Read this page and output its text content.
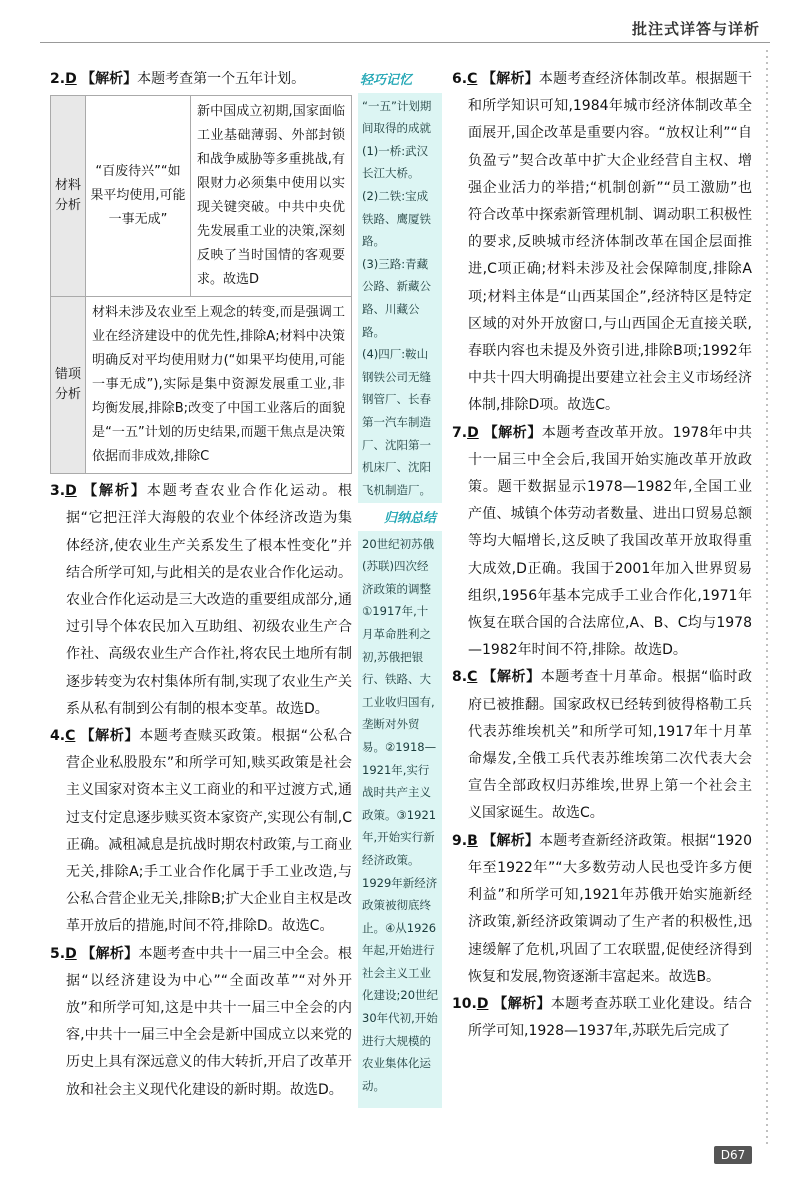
批注式详答与详析

2.D 【解析】本题考查第一个五年计划。

材料分析	“百废待兴”“如果平均使用,可能一事无成”	新中国成立初期,国家面临工业基础薄弱、外部封锁和战争威胁等多重挑战,有限财力必须集中使用以实现关键突破。中共中央优先发展重工业的决策,深刻反映了当时国情的客观要求。故选D
错项分析	材料未涉及农业至上观念的转变,而是强调工业在经济建设中的优先性,排除A;材料中决策明确反对平均使用财力(“如果平均使用,可能一事无成”),实际是集中资源发展重工业,非均衡发展,排除B;改变了中国工业落后的面貌是“一五”计划的历史结果,而题干焦点是决策依据而非成效,排除C	

3.D 【解析】本题考查农业合作化运动。根据“它把汪洋大海般的农业个体经济改造为集体经济,使农业生产关系发生了根本性变化”并结合所学可知,与此相关的是农业合作化运动。农业合作化运动是三大改造的重要组成部分,通过引导个体农民加入互助组、初级农业生产合作社、高级农业生产合作社,将农民土地所有制逐步转变为农村集体所有制,实现了农业生产关系从私有制到公有制的根本变革。故选D。

4.C 【解析】本题考查赎买政策。根据“公私合营企业私股股东”和所学可知,赎买政策是社会主义国家对资本主义工商业的和平过渡方式,通过支付定息逐步赎买资本家资产,实现公有制,C正确。减租减息是抗战时期农村政策,与工商业无关,排除A;手工业合作化属于手工业改造,与公私合营企业无关,排除B;扩大企业自主权是改革开放后的措施,时间不符,排除D。故选C。

5.D 【解析】本题考查中共十一届三中全会。根据“以经济建设为中心”“全面改革”“对外开放”和所学可知,这是中共十一届三中全会的内容,中共十一届三中全会是新中国成立以来党的历史上具有深远意义的伟大转折,开启了改革开放和社会主义现代化建设的新时期。故选D。

轻巧记忆

“一五”计划期间取得的成就

(1)一桥:武汉长江大桥。

(2)二铁:宝成铁路、鹰厦铁路。

(3)三路:青藏公路、新藏公路、川藏公路。

(4)四厂:鞍山钢铁公司无缝钢管厂、长春第一汽车制造厂、沈阳第一机床厂、沈阳飞机制造厂。

归纳总结
20世纪初苏俄(苏联)四次经济政策的调整 ①1917年,十月革命胜利之初,苏俄把银行、铁路、大工业收归国有,垄断对外贸易。②1918—1921年,实行战时共产主义政策。③1921年,开始实行新经济政策。1929年新经济政策被彻底终止。④从1926年起,开始进行社会主义工业化建设;20世纪30年代初,开始进行大规模的农业集体化运动。

6.C 【解析】本题考查经济体制改革。根据题干和所学知识可知,1984年城市经济体制改革全面展开,国企改革是重要内容。“放权让利”“自负盈亏”契合改革中扩大企业经营自主权、增强企业活力的举措;“机制创新”“员工激励”也符合改革中探索新管理机制、调动职工积极性的要求,反映城市经济体制改革在国企层面推进,C项正确;材料未涉及社会保障制度,排除A项;材料主体是“山西某国企”,经济特区是特定区域的对外开放窗口,与山西国企无直接关联,春联内容也未提及外资引进,排除B项;1992年中共十四大明确提出要建立社会主义市场经济体制,排除D项。故选C。

7.D 【解析】本题考查改革开放。1978年中共十一届三中全会后,我国开始实施改革开放政策。题干数据显示1978—1982年,全国工业产值、城镇个体劳动者数量、进出口贸易总额等均大幅增长,这反映了我国改革开放取得重大成效,D正确。我国于2001年加入世界贸易组织,1956年基本完成手工业合作化,1971年恢复在联合国的合法席位,A、B、C均与1978—1982年时间不符,排除。故选D。

8.C 【解析】本题考查十月革命。根据“临时政府已被推翻。国家政权已经转到彼得格勒工兵代表苏维埃机关”和所学可知,1917年十月革命爆发,全俄工兵代表苏维埃第二次代表大会宣告全部政权归苏维埃,世界上第一个社会主义国家诞生。故选C。

9.B 【解析】本题考查新经济政策。根据“1920年至1922年”“大多数劳动人民也受许多方便利益”和所学可知,1921年苏俄开始实施新经济政策,新经济政策调动了生产者的积极性,迅速缓解了危机,巩固了工农联盟,促使经济得到恢复和发展,物资逐渐丰富起来。故选B。

10.D 【解析】本题考查苏联工业化建设。结合所学可知,1928—1937年,苏联先后完成了

D67
